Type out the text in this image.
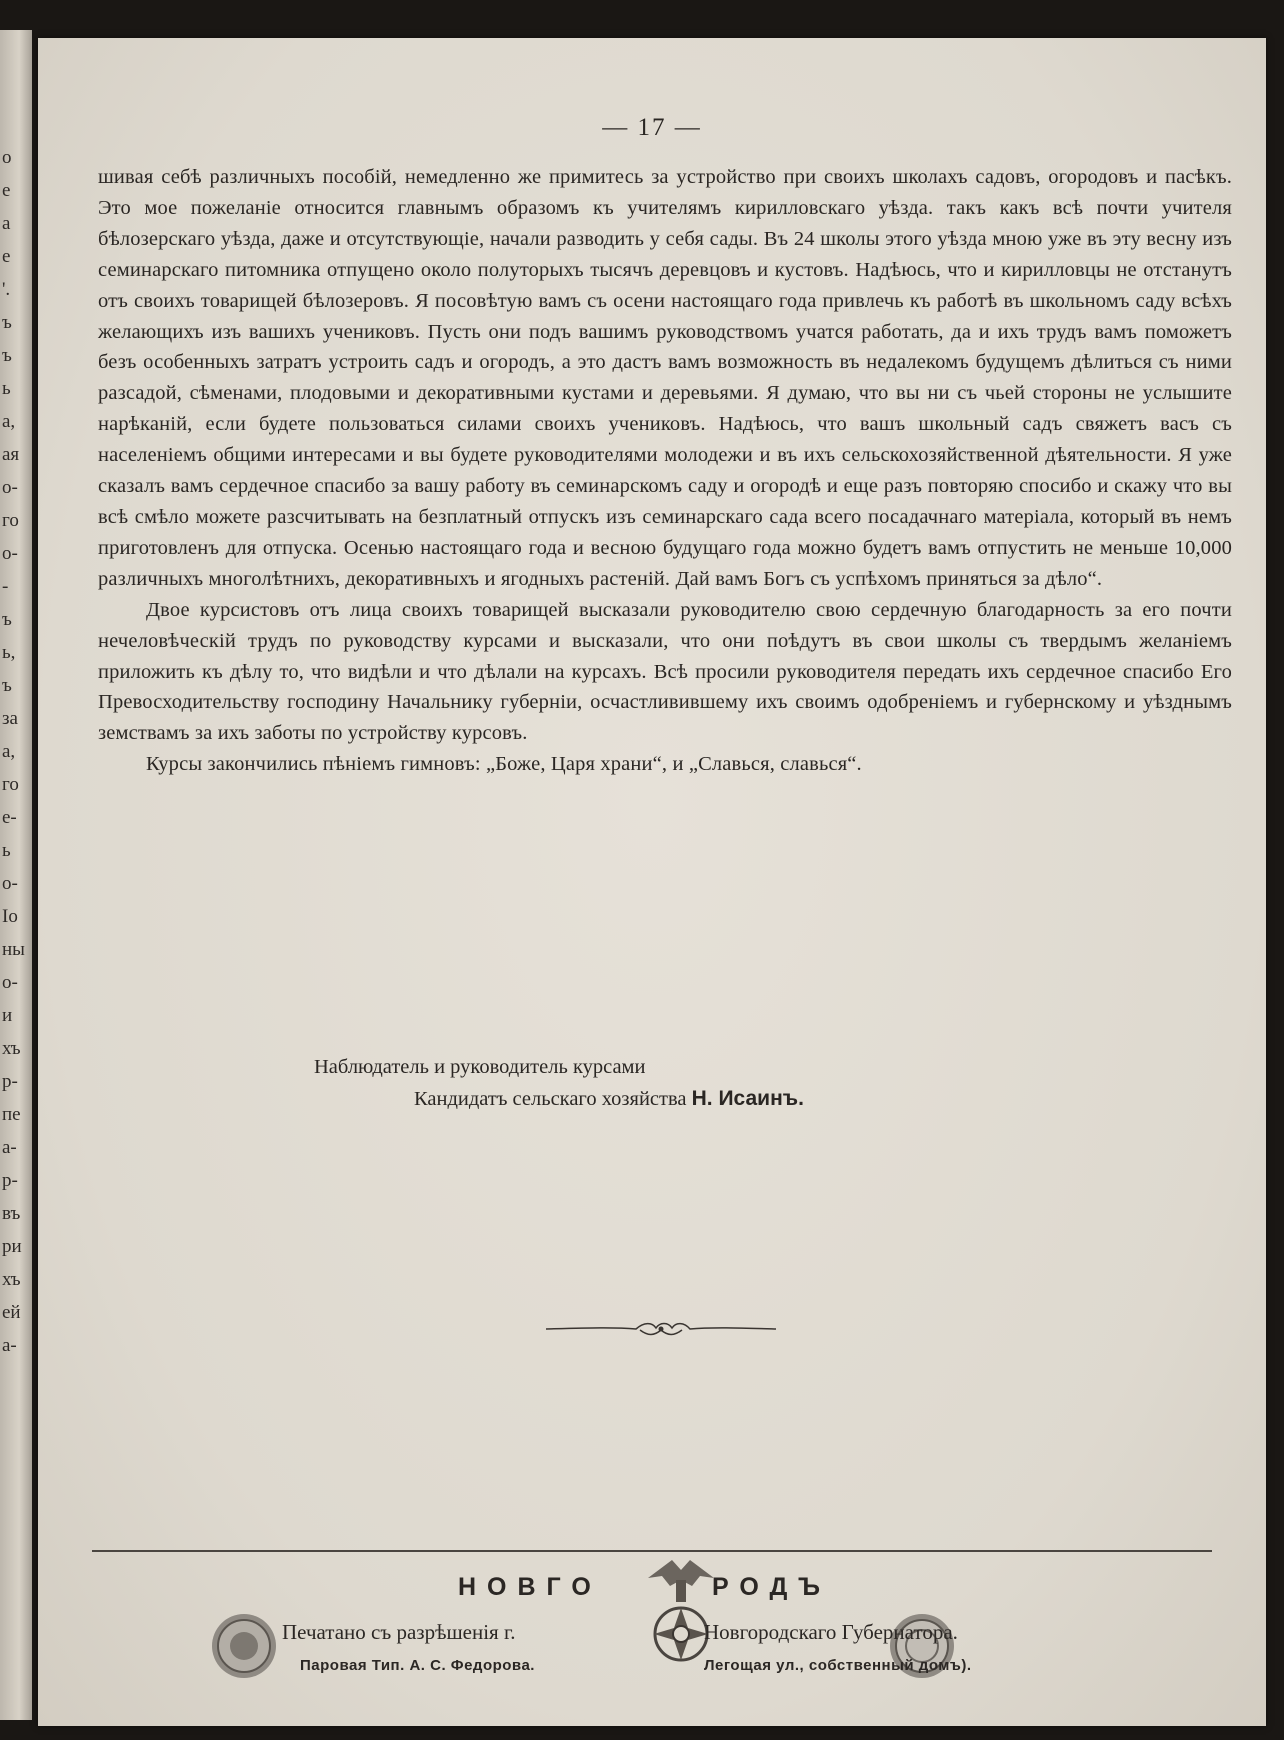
о
е
а
е
'.
ъ
ъ
ь
а,
ая
о-
го
о-
-
ъ
ь,
ъ
за
а,
го
е-
ь
о-
Іо
ны
о-
и
хъ
р-
пе
а-
р-
въ
ри
хъ
ей
а-
— 17 —

шивая себѣ различныхъ пособій, немедленно же примитесь за устройство при своихъ школахъ садовъ, огородовъ и пасѣкъ. Это мое пожеланіе относится главнымъ образомъ къ учителямъ кирилловскаго уѣзда. такъ какъ всѣ почти учителя бѣлозерскаго уѣзда, даже и отсутствующіе, начали разводить у себя сады. Въ 24 школы этого уѣзда мною уже въ эту весну изъ семинарскаго питомника отпущено около полуторыхъ тысячъ деревцовъ и кустовъ. Надѣюсь, что и кирилловцы не отстанутъ отъ своихъ товарищей бѣлозеровъ. Я посовѣтую вамъ съ осени настоящаго года привлечь къ работѣ въ школьномъ саду всѣхъ желающихъ изъ вашихъ учениковъ. Пусть они подъ вашимъ руководствомъ учатся работать, да и ихъ трудъ вамъ поможетъ безъ особенныхъ затратъ устроить садъ и огородъ, а это дастъ вамъ возможность въ недалекомъ будущемъ дѣлиться съ ними разсадой, сѣменами, плодовыми и декоративными кустами и деревьями. Я думаю, что вы ни съ чьей стороны не услышите нарѣканій, если будете пользоваться силами своихъ учениковъ. Надѣюсь, что вашъ школьный садъ свяжетъ васъ съ населеніемъ общими интересами и вы будете руководителями молодежи и въ ихъ сельскохозяйственной дѣятельности. Я уже сказалъ вамъ сердечное спасибо за вашу работу въ семинарскомъ саду и огородѣ и еще разъ повторяю спосибо и скажу что вы всѣ смѣло можете разсчитывать на безплатный отпускъ изъ семинарскаго сада всего посадачнаго матеріала, который въ немъ приготовленъ для отпуска. Осенью настоящаго года и весною будущаго года можно будетъ вамъ отпустить не меньше 10,000 различныхъ многолѣтнихъ, декоративныхъ и ягодныхъ растеній. Дай вамъ Богъ съ успѣхомъ приняться за дѣло“.

Двое курсистовъ отъ лица своихъ товарищей высказали руководителю свою сердечную благодарность за его почти нечеловѣческій трудъ по руководству курсами и высказали, что они поѣдутъ въ свои школы съ твердымъ желаніемъ приложить къ дѣлу то, что видѣли и что дѣлали на курсахъ. Всѣ просили руководителя передать ихъ сердечное спасибо Его Превосходительству господину Начальнику губерніи, осчастливившему ихъ своимъ одобреніемъ и губернскому и уѣзднымъ земствамъ за ихъ заботы по устройству курсовъ.

Курсы закончились пѣніемъ гимновъ: „Боже, Царя храни“, и „Славься, славься“.

Наблюдатель и руководитель курсами
Кандидатъ сельскаго хозяйства Н. Исаинъ.
НОВГО	РОДЪ
Печатано съ разрѣшенія г.	Новгородскаго Губернатора.
Паровая Тип. А. С. Федорова.	Легощая ул., собственный домъ).
